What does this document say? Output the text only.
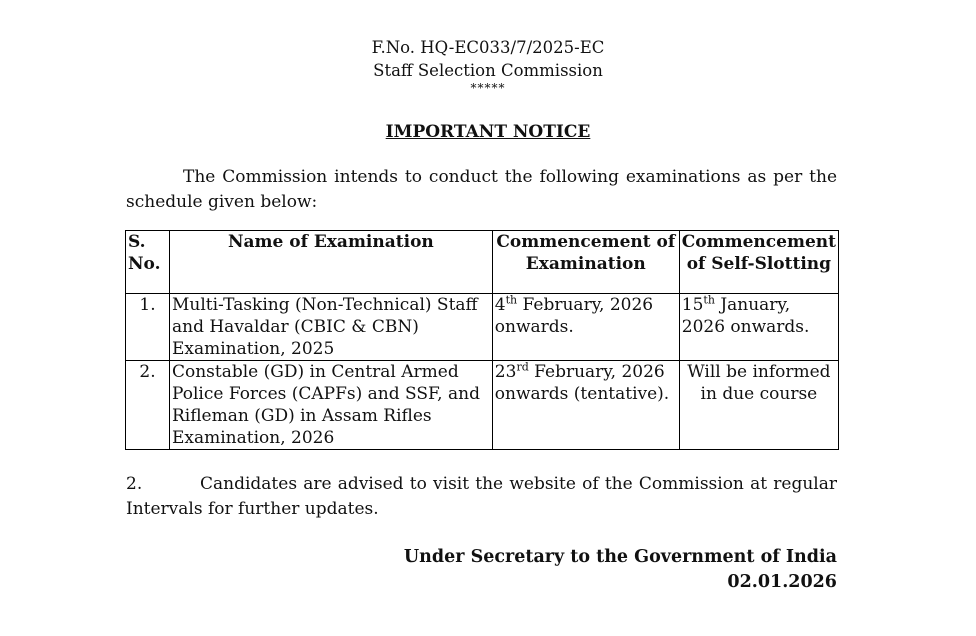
F.No. HQ-EC033/7/2025-EC
Staff Selection Commission
*****
IMPORTANT NOTICE
The Commission intends to conduct the following examinations as per the schedule given below:
S. No.	Name of Examination	Commencement of Examination	Commencement of Self-Slotting
1.	Multi-Tasking (Non-Technical) Staff and Havaldar (CBIC & CBN) Examination, 2025	4th February, 2026 onwards.	15th January, 2026 onwards.
2.	Constable (GD) in Central Armed Police Forces (CAPFs) and SSF, and Rifleman (GD) in Assam Rifles Examination, 2026	23rd February, 2026 onwards (tentative).	Will be informed in due course
2.	Candidates are advised to visit the website of the Commission at regular Intervals for further updates.
Under Secretary to the Government of India
02.01.2026
